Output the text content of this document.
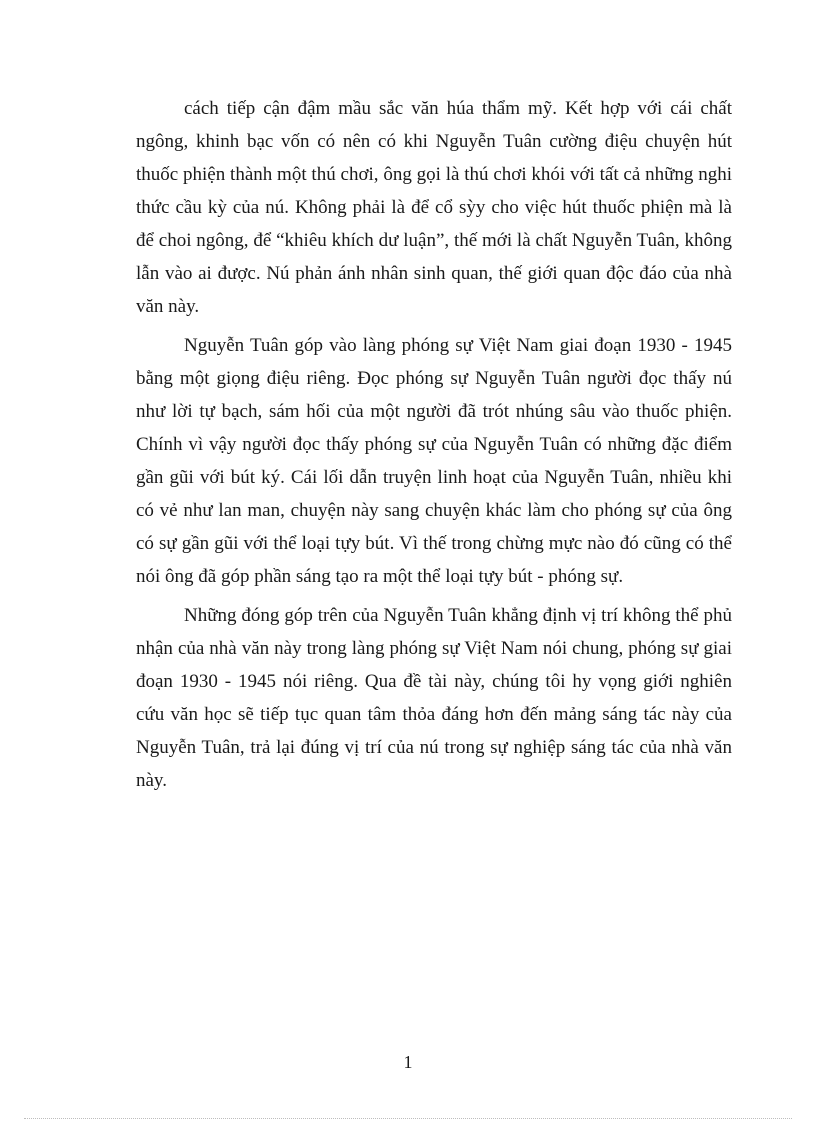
cách tiếp cận đậm mầu sắc văn húa thẩm mỹ. Kết hợp với cái chất ngông, khinh bạc vốn có nên có khi Nguyễn Tuân cường điệu chuyện hút thuốc phiện thành một thú chơi, ông gọi là thú chơi khói với tất cả những nghi thức cầu kỳ của nú. Không phải là để cổ sỳy cho việc hút thuốc phiện mà là để choi ngông, để “khiêu khích dư luận”, thế mới là chất Nguyễn Tuân, không lẫn vào ai được. Nú phản ánh nhân sinh quan, thế giới quan độc đáo của nhà văn này.

Nguyễn Tuân góp vào làng phóng sự Việt Nam giai đoạn 1930 - 1945 bằng một giọng điệu riêng. Đọc phóng sự Nguyễn Tuân người đọc thấy nú như lời tự bạch, sám hối của một người đã trót nhúng sâu vào thuốc phiện. Chính vì vậy người đọc thấy phóng sự của Nguyễn Tuân có những đặc điểm gần gũi với bút ký. Cái lối dẫn truyện linh hoạt của Nguyễn Tuân, nhiều khi có vẻ như lan man, chuyện này sang chuyện khác làm cho phóng sự của ông có sự gần gũi với thể loại tựy bút. Vì thế trong chừng mực nào đó cũng có thể nói ông đã góp phần sáng tạo ra một thể loại tựy bút - phóng sự.

Những đóng góp trên của Nguyễn Tuân khẳng định vị trí không thể phủ nhận của nhà văn này trong làng phóng sự Việt Nam nói chung, phóng sự giai đoạn 1930 - 1945 nói riêng. Qua đề tài này, chúng tôi hy vọng giới nghiên cứu văn học sẽ tiếp tục quan tâm thỏa đáng hơn đến mảng sáng tác này của Nguyễn Tuân, trả lại đúng vị trí của nú trong sự nghiệp sáng tác của nhà văn này.

1
